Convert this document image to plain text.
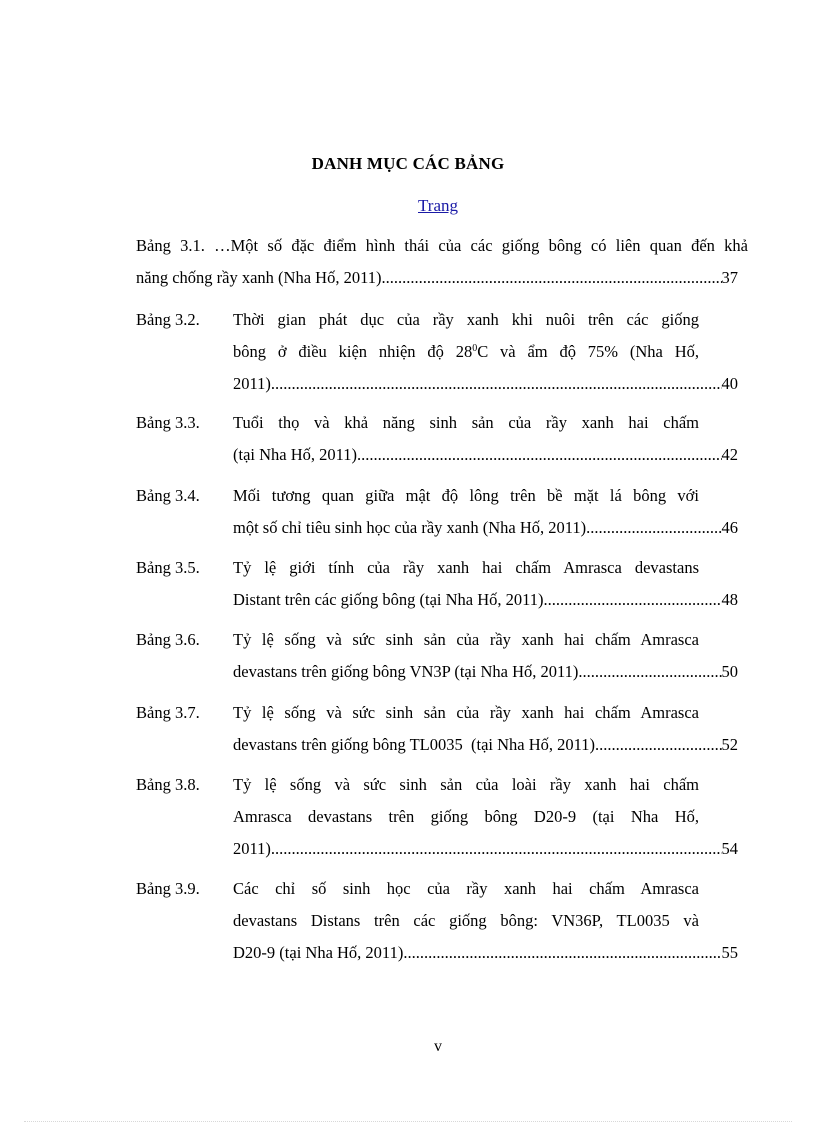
DANH MỤC CÁC BẢNG
Trang
Bảng 3.1. …Một số đặc điểm hình thái của các giống bông có liên quan đến khả
năng chống rầy xanh (Nha Hố, 2011) .....	37
Bảng 3.2. Thời gian phát dục của rầy xanh khi nuôi trên các giống
bông ở điều kiện nhiện độ $28^0C$ và ẩm độ 75% (Nha Hố,
2011) .....	40
Bảng 3.3. Tuổi thọ và khả năng sinh sản của rầy xanh hai chấm
(tại Nha Hố, 2011) .....	42
Bảng 3.4. Mối tương quan giữa mật độ lông trên bề mặt lá bông với
một số chỉ tiêu sinh học của rầy xanh (Nha Hố, 2011) .....	46
Bảng 3.5. Tỷ lệ giới tính của rầy xanh hai chấm Amrasca devastans
Distant trên các giống bông (tại Nha Hố, 2011) .....	48
Bảng 3.6. Tỷ lệ sống và sức sinh sản của rầy xanh hai chấm Amrasca
devastans trên giống bông VN3P (tại Nha Hố, 2011) .....	50
Bảng 3.7. Tỷ lệ sống và sức sinh sản của rầy xanh hai chấm Amrasca
devastans trên giống bông TL0035  (tại Nha Hố, 2011) .....	52
Bảng 3.8. Tỷ lệ sống và sức sinh sản của loài rầy xanh hai chấm
Amrasca devastans trên giống bông D20-9 (tại Nha Hố,
2011) .....	54
Bảng 3.9. Các chỉ số sinh học của rầy xanh hai chấm Amrasca
devastans Distans trên các giống bông: VN36P, TL0035 và
D20-9 (tại Nha Hố, 2011) .....	55
v
